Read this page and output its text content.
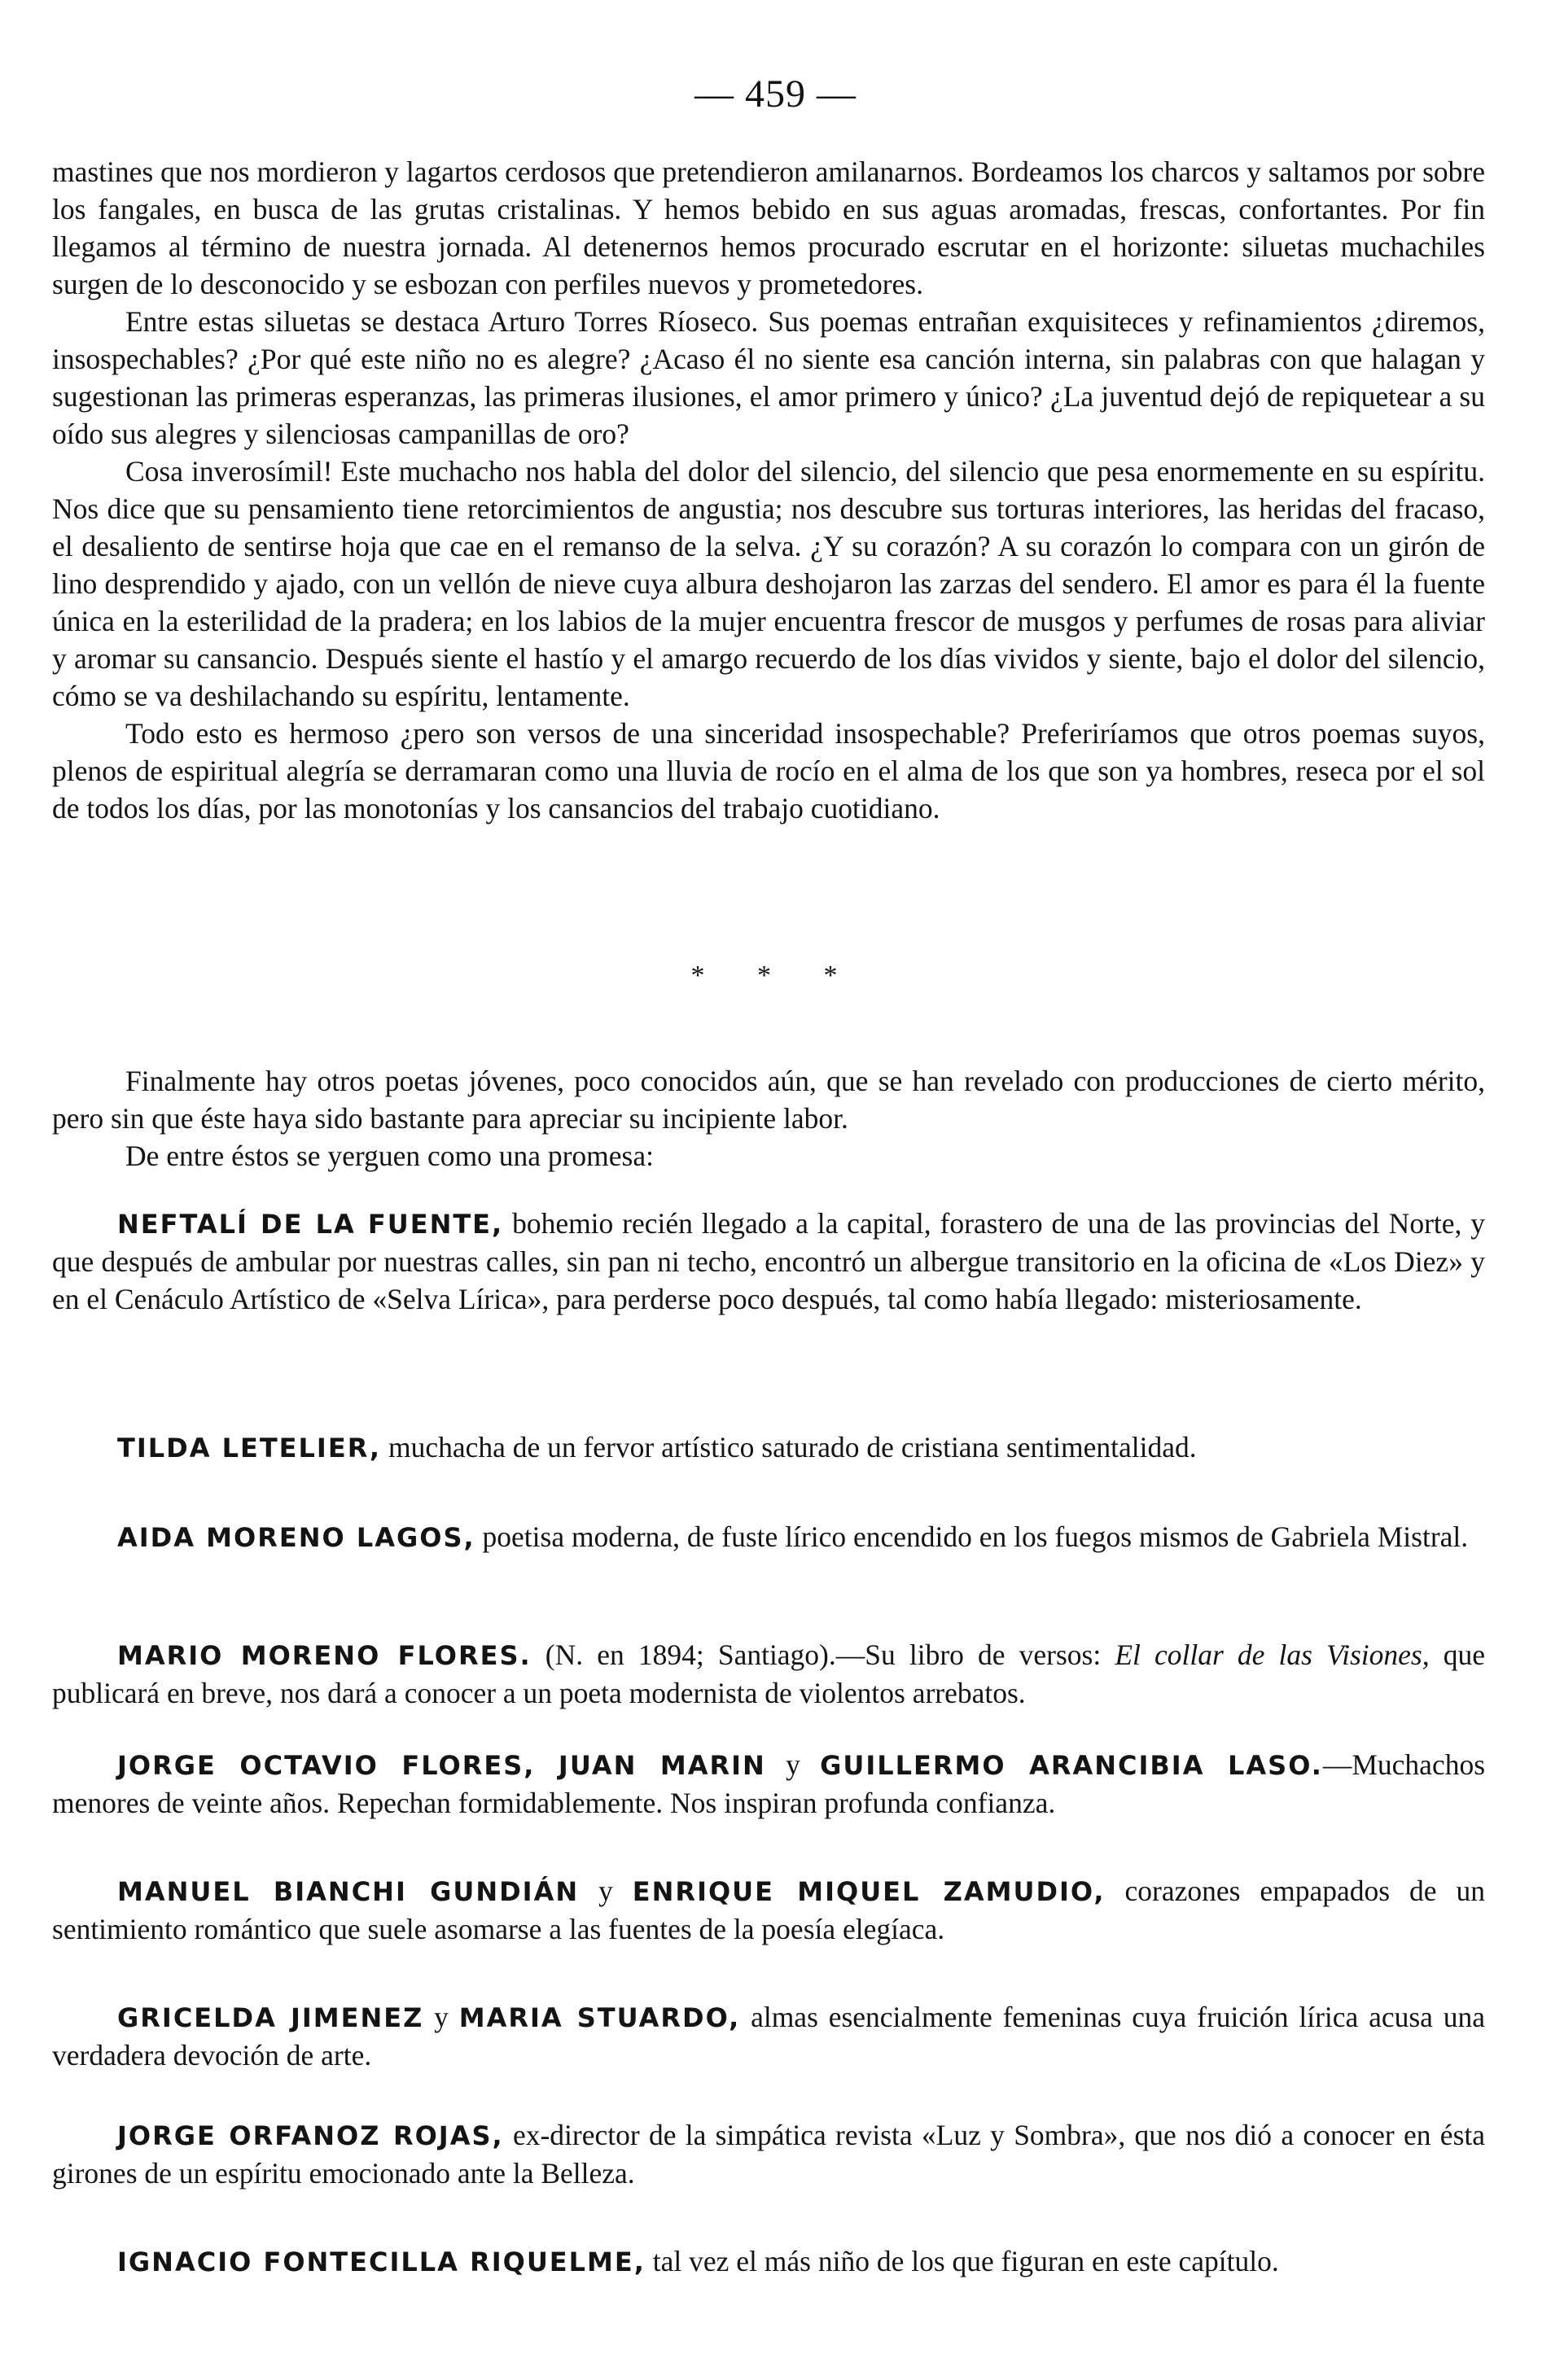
— 459 —

mastines que nos mordieron y lagartos cerdosos que pretendieron amilanarnos. Bordeamos los charcos y saltamos por sobre los fangales, en busca de las grutas cristalinas. Y hemos bebido en sus aguas aromadas, frescas, confortantes. Por fin llegamos al término de nuestra jornada. Al detenernos hemos procurado escrutar en el horizonte: siluetas muchachiles surgen de lo desconocido y se esbozan con perfiles nuevos y prometedores.

Entre estas siluetas se destaca Arturo Torres Ríoseco. Sus poemas entrañan exquisiteces y refinamientos ¿diremos, insospechables? ¿Por qué este niño no es alegre? ¿Acaso él no siente esa canción interna, sin palabras con que halagan y sugestionan las primeras esperanzas, las primeras ilusiones, el amor primero y único? ¿La juventud dejó de repiquetear a su oído sus alegres y silenciosas campanillas de oro?

Cosa inverosímil! Este muchacho nos habla del dolor del silencio, del silencio que pesa enormemente en su espíritu. Nos dice que su pensamiento tiene retorcimientos de angustia; nos descubre sus torturas interiores, las heridas del fracaso, el desaliento de sentirse hoja que cae en el remanso de la selva. ¿Y su corazón? A su corazón lo compara con un girón de lino desprendido y ajado, con un vellón de nieve cuya albura deshojaron las zarzas del sendero. El amor es para él la fuente única en la esterilidad de la pradera; en los labios de la mujer encuentra frescor de musgos y perfumes de rosas para aliviar y aromar su cansancio. Después siente el hastío y el amargo recuerdo de los días vividos y siente, bajo el dolor del silencio, cómo se va deshilachando su espíritu, lentamente.

Todo esto es hermoso ¿pero son versos de una sinceridad insospechable? Preferiríamos que otros poemas suyos, plenos de espiritual alegría se derramaran como una lluvia de rocío en el alma de los que son ya hombres, reseca por el sol de todos los días, por las monotonías y los cansancios del trabajo cuotidiano.

* * *

Finalmente hay otros poetas jóvenes, poco conocidos aún, que se han revelado con producciones de cierto mérito, pero sin que éste haya sido bastante para apreciar su incipiente labor.

De entre éstos se yerguen como una promesa:

NEFTALÍ DE LA FUENTE, bohemio recién llegado a la capital, forastero de una de las provincias del Norte, y que después de ambular por nuestras calles, sin pan ni techo, encontró un albergue transitorio en la oficina de «Los Diez» y en el Cenáculo Artístico de «Selva Lírica», para perderse poco después, tal como había llegado: misteriosamente.

TILDA LETELIER, muchacha de un fervor artístico saturado de cristiana sentimentalidad.

AIDA MORENO LAGOS, poetisa moderna, de fuste lírico encendido en los fuegos mismos de Gabriela Mistral.

MARIO MORENO FLORES. (N. en 1894; Santiago).—Su libro de versos: El collar de las Visiones, que publicará en breve, nos dará a conocer a un poeta modernista de violentos arrebatos.

JORGE OCTAVIO FLORES, JUAN MARIN y GUILLERMO ARANCIBIA LASO.—Muchachos menores de veinte años. Repechan formidablemente. Nos inspiran profunda confianza.

MANUEL BIANCHI GUNDIÁN y ENRIQUE MIQUEL ZAMUDIO, corazones empapados de un sentimiento romántico que suele asomarse a las fuentes de la poesía elegíaca.

GRICELDA JIMENEZ y MARIA STUARDO, almas esencialmente femeninas cuya fruición lírica acusa una verdadera devoción de arte.

JORGE ORFANOZ ROJAS, ex-director de la simpática revista «Luz y Sombra», que nos dió a conocer en ésta girones de un espíritu emocionado ante la Belleza.

IGNACIO FONTECILLA RIQUELME, tal vez el más niño de los que figuran en este capítulo.
